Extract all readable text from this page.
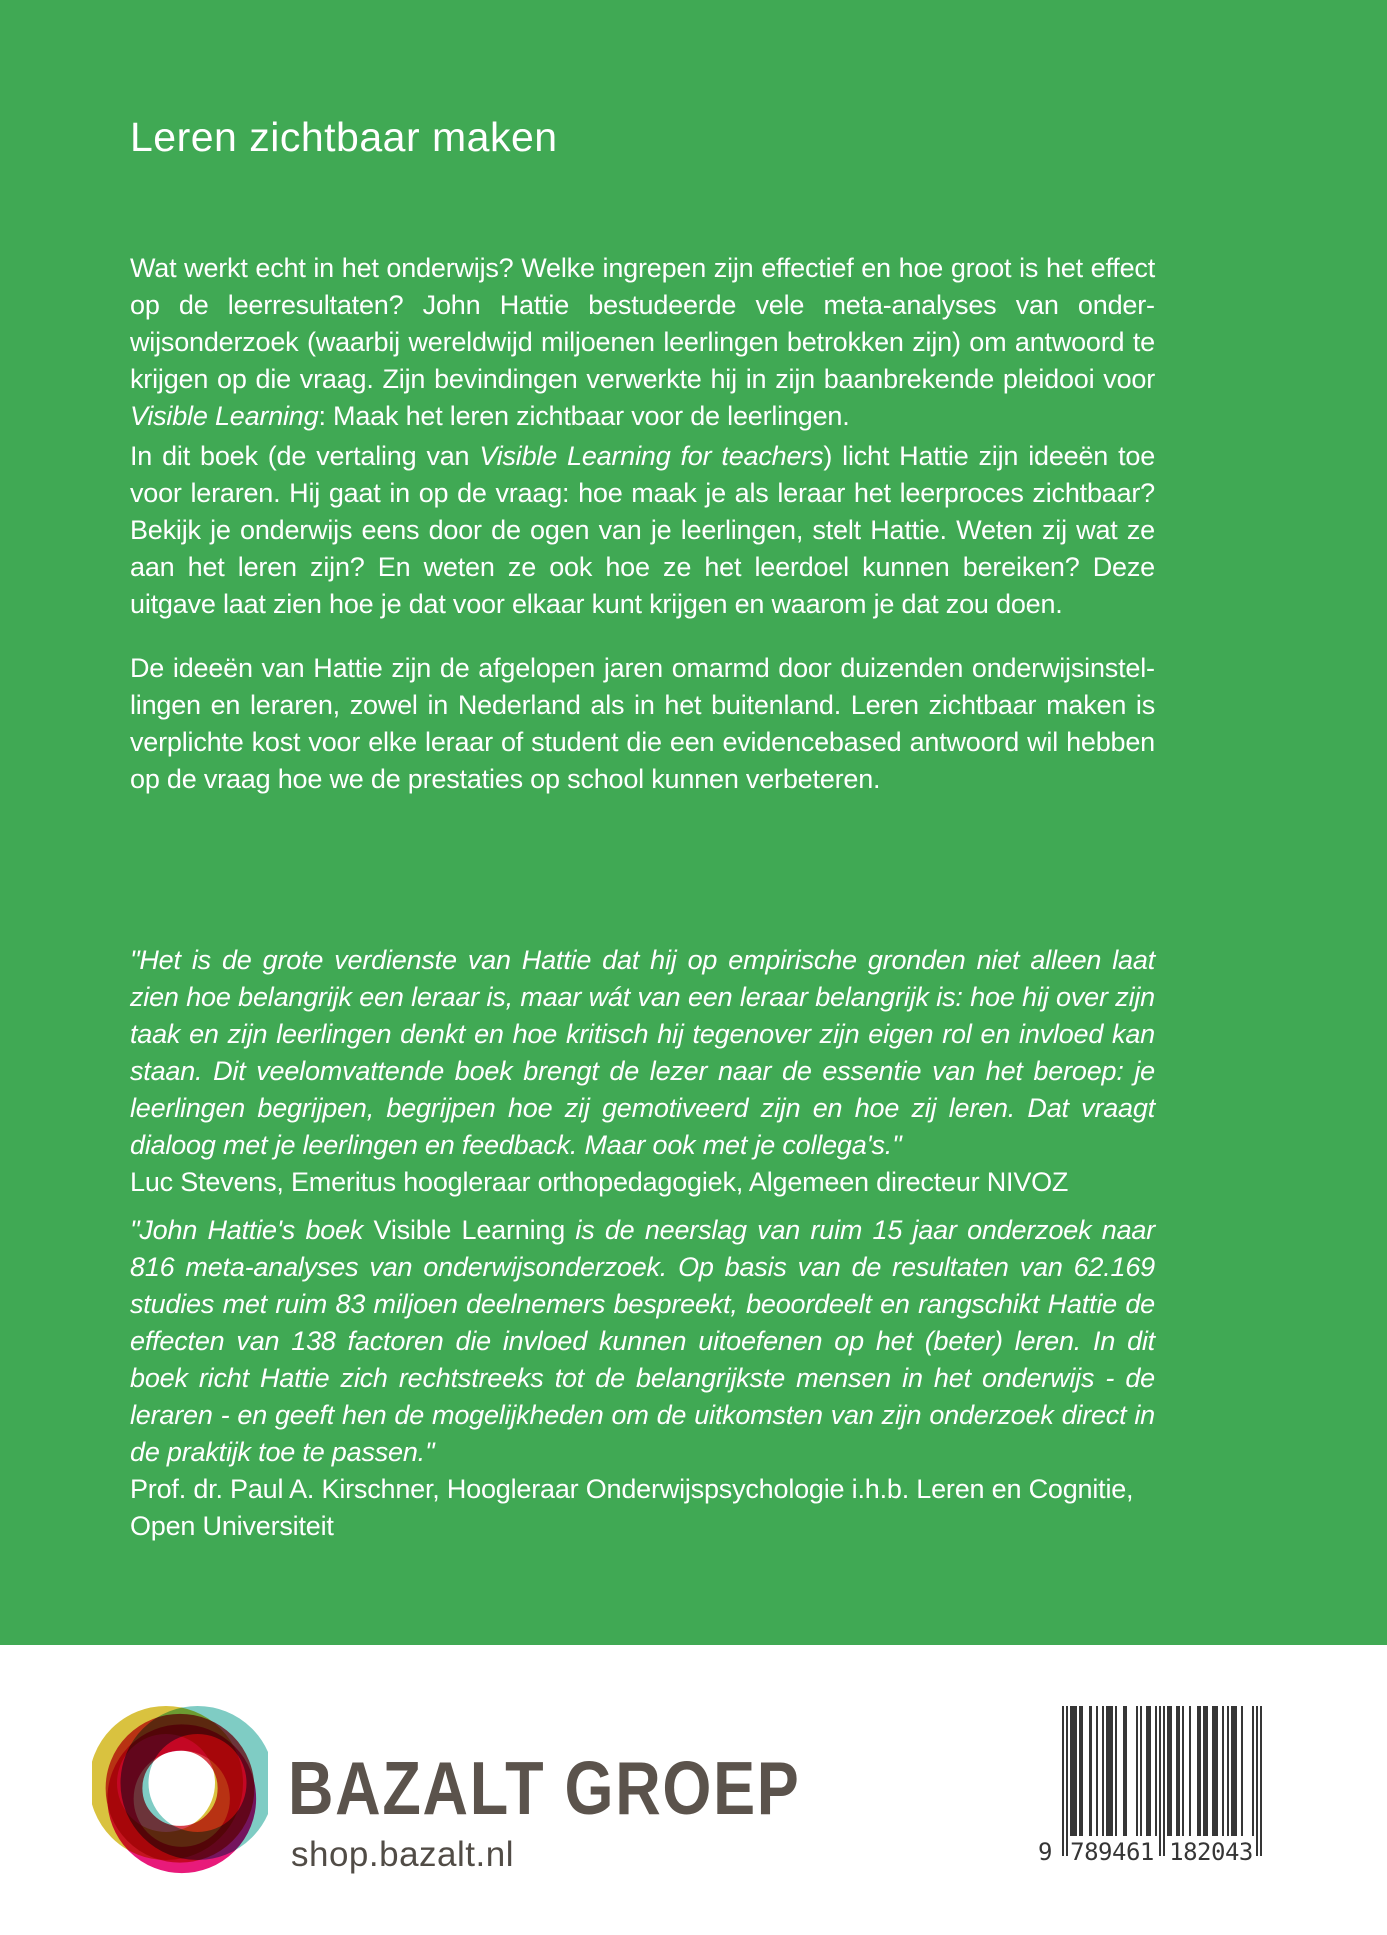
Leren zichtbaar maken

Wat werkt echt in het onderwijs? Welke ingrepen zijn effectief en hoe groot is het effect op de leerresultaten? John Hattie bestudeerde vele meta-analyses van onderwijsonderzoek (waarbij wereldwijd miljoenen leerlingen betrokken zijn) om antwoord te krijgen op die vraag. Zijn bevindingen verwerkte hij in zijn baanbrekende pleidooi voor Visible Learning: Maak het leren zichtbaar voor de leerlingen.

In dit boek (de vertaling van Visible Learning for teachers) licht Hattie zijn ideeën toe voor leraren. Hij gaat in op de vraag: hoe maak je als leraar het leerproces zichtbaar? Bekijk je onderwijs eens door de ogen van je leerlingen, stelt Hattie. Weten zij wat ze aan het leren zijn? En weten ze ook hoe ze het leerdoel kunnen bereiken? Deze uitgave laat zien hoe je dat voor elkaar kunt krijgen en waarom je dat zou doen.

De ideeën van Hattie zijn de afgelopen jaren omarmd door duizenden onderwijsinstellingen en leraren, zowel in Nederland als in het buitenland. Leren zichtbaar maken is verplichte kost voor elke leraar of student die een evidencebased antwoord wil hebben op de vraag hoe we de prestaties op school kunnen verbeteren.

"Het is de grote verdienste van Hattie dat hij op empirische gronden niet alleen laat zien hoe belangrijk een leraar is, maar wát van een leraar belangrijk is: hoe hij over zijn taak en zijn leerlingen denkt en hoe kritisch hij tegenover zijn eigen rol en invloed kan staan. Dit veelomvattende boek brengt de lezer naar de essentie van het beroep: je leerlingen begrijpen, begrijpen hoe zij gemotiveerd zijn en hoe zij leren. Dat vraagt dialoog met je leerlingen en feedback. Maar ook met je collega's."
Luc Stevens, Emeritus hoogleraar orthopedagogiek, Algemeen directeur NIVOZ
"John Hattie's boek Visible Learning is de neerslag van ruim 15 jaar onderzoek naar 816 meta-analyses van onderwijsonderzoek. Op basis van de resultaten van 62.169 studies met ruim 83 miljoen deelnemers bespreekt, beoordeelt en rangschikt Hattie de effecten van 138 factoren die invloed kunnen uitoefenen op het (beter) leren. In dit boek richt Hattie zich rechtstreeks tot de belangrijkste mensen in het onderwijs - de leraren - en geeft hen de mogelijkheden om de uitkomsten van zijn onderzoek direct in de praktijk toe te passen."
Prof. dr. Paul A. Kirschner, Hoogleraar Onderwijspsychologie i.h.b. Leren en Cognitie, Open Universiteit
BAZALT GROEP
shop.bazalt.nl	9 789461 182043
